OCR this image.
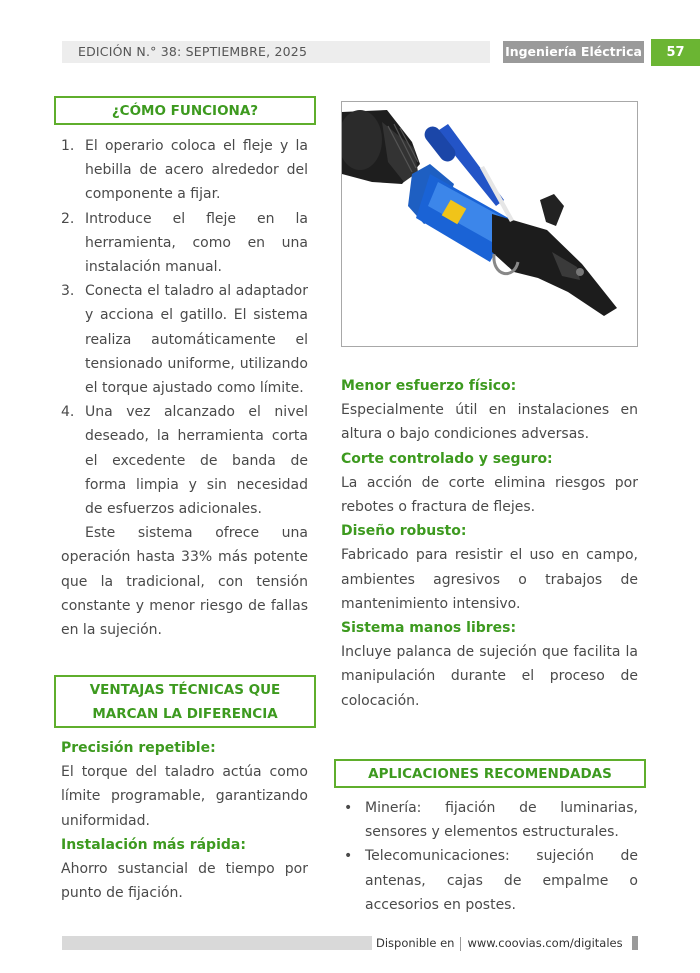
EDICIÓN N.° 38: SEPTIEMBRE, 2025	Ingeniería Eléctrica	57
¿CÓMO FUNCIONA?
1. El operario coloca el fleje y la hebilla de acero alrededor del componente a fijar.
2. Introduce el fleje en la herramienta, como en una instalación manual.
3. Conecta el taladro al adaptador y acciona el gatillo. El sistema realiza automáticamente el tensionado uniforme, utilizando el torque ajustado como límite.
4. Una vez alcanzado el nivel deseado, la herramienta corta el excedente de banda de forma limpia y sin necesidad de esfuerzos adicionales.
Este sistema ofrece una operación hasta 33% más potente que la tradicional, con tensión constante y menor riesgo de fallas en la sujeción.
VENTAJAS TÉCNICAS QUE
MARCAN LA DIFERENCIA
Precisión repetible:
El torque del taladro actúa como límite programable, garantizando uniformidad.
Instalación más rápida:
Ahorro sustancial de tiempo por punto de fijación.
Menor esfuerzo físico:
Especialmente útil en instalaciones en altura o bajo condiciones adversas.
Corte controlado y seguro:
La acción de corte elimina riesgos por rebotes o fractura de flejes.
Diseño robusto:
Fabricado para resistir el uso en campo, ambientes agresivos o trabajos de mantenimiento intensivo.
Sistema manos libres:
Incluye palanca de sujeción que facilita la manipulación durante el proceso de colocación.
APLICACIONES RECOMENDADAS
• Minería: fijación de luminarias, sensores y elementos estructurales.
• Telecomunicaciones: sujeción de antenas, cajas de empalme o accesorios en postes.
Disponible en www.coovias.com/digitales
